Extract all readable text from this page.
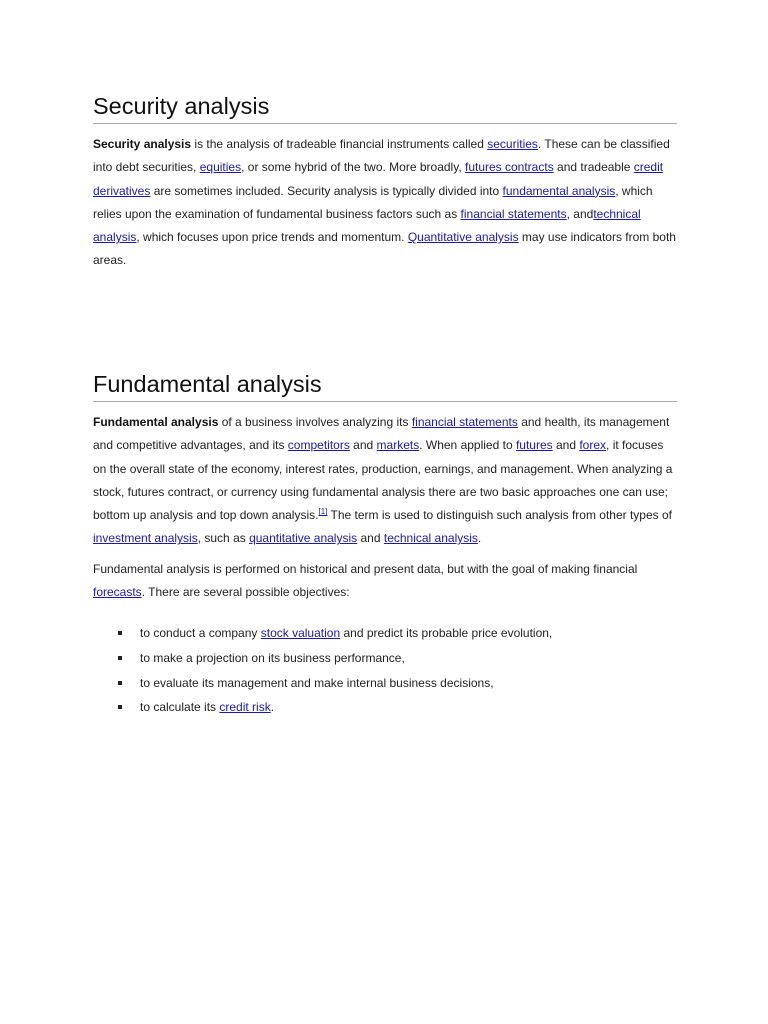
Security analysis

Security analysis is the analysis of tradeable financial instruments called securities. These can be classified into debt securities, equities, or some hybrid of the two. More broadly, futures contracts and tradeable credit derivatives are sometimes included. Security analysis is typically divided into fundamental analysis, which relies upon the examination of fundamental business factors such as financial statements, andtechnical analysis, which focuses upon price trends and momentum. Quantitative analysis may use indicators from both areas.

Fundamental analysis

Fundamental analysis of a business involves analyzing its financial statements and health, its management and competitive advantages, and its competitors and markets. When applied to futures and forex, it focuses on the overall state of the economy, interest rates, production, earnings, and management. When analyzing a stock, futures contract, or currency using fundamental analysis there are two basic approaches one can use; bottom up analysis and top down analysis.[1] The term is used to distinguish such analysis from other types of investment analysis, such as quantitative analysis and technical analysis.

Fundamental analysis is performed on historical and present data, but with the goal of making financial forecasts. There are several possible objectives:

to conduct a company stock valuation and predict its probable price evolution,
to make a projection on its business performance,
to evaluate its management and make internal business decisions,
to calculate its credit risk.
